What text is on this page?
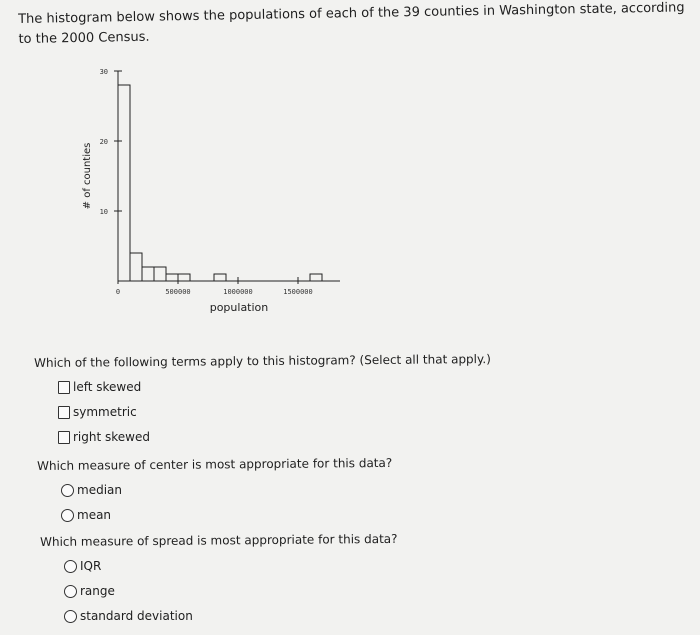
The histogram below shows the populations of each of the 39 counties in Washington state, according to the 2000 Census.
10
20
30
0	500000	1000000	1500000
population
# of counties
Which of the following terms apply to this histogram? (Select all that apply.)
left skewed
symmetric
right skewed
Which measure of center is most appropriate for this data?
median
mean
Which measure of spread is most appropriate for this data?
IQR
range
standard deviation
